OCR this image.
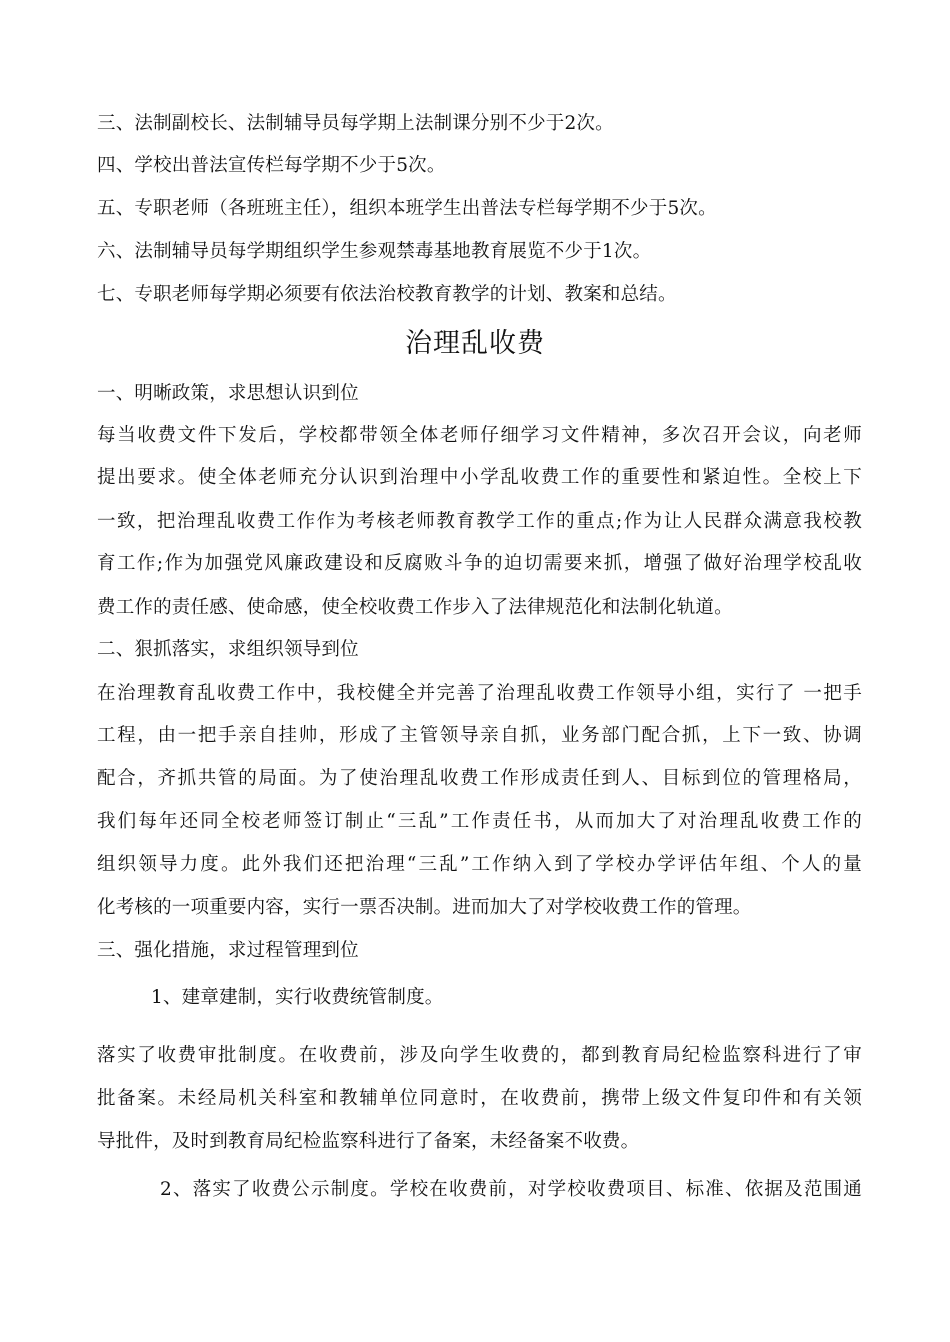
三、法制副校长、法制辅导员每学期上法制课分别不少于2次。
四、学校出普法宣传栏每学期不少于5次。
五、专职老师（各班班主任），组织本班学生出普法专栏每学期不少于5次。
六、法制辅导员每学期组织学生参观禁毒基地教育展览不少于1次。
七、专职老师每学期必须要有依法治校教育教学的计划、教案和总结。
治理乱收费
一、明晰政策，求思想认识到位
每当收费文件下发后，学校都带领全体老师仔细学习文件精神，多次召开会议，向老师
提出要求。使全体老师充分认识到治理中小学乱收费工作的重要性和紧迫性。全校上下
一致，把治理乱收费工作作为考核老师教育教学工作的重点;作为让人民群众满意我校教
育工作;作为加强党风廉政建设和反腐败斗争的迫切需要来抓，增强了做好治理学校乱收
费工作的责任感、使命感，使全校收费工作步入了法律规范化和法制化轨道。
二、狠抓落实，求组织领导到位
在治理教育乱收费工作中，我校健全并完善了治理乱收费工作领导小组，实行了 一把手
工程，由一把手亲自挂帅，形成了主管领导亲自抓，业务部门配合抓，上下一致、协调
配合，齐抓共管的局面。为了使治理乱收费工作形成责任到人、目标到位的管理格局，
我们每年还同全校老师签订制止“三乱”工作责任书，从而加大了对治理乱收费工作的
组织领导力度。此外我们还把治理“三乱”工作纳入到了学校办学评估年组、个人的量
化考核的一项重要内容，实行一票否决制。进而加大了对学校收费工作的管理。
三、强化措施，求过程管理到位
1、建章建制，实行收费统管制度。
落实了收费审批制度。在收费前，涉及向学生收费的，都到教育局纪检监察科进行了审
批备案。未经局机关科室和教辅单位同意时，在收费前，携带上级文件复印件和有关领
导批件，及时到教育局纪检监察科进行了备案，未经备案不收费。
2、落实了收费公示制度。学校在收费前，对学校收费项目、标准、依据及范围通
